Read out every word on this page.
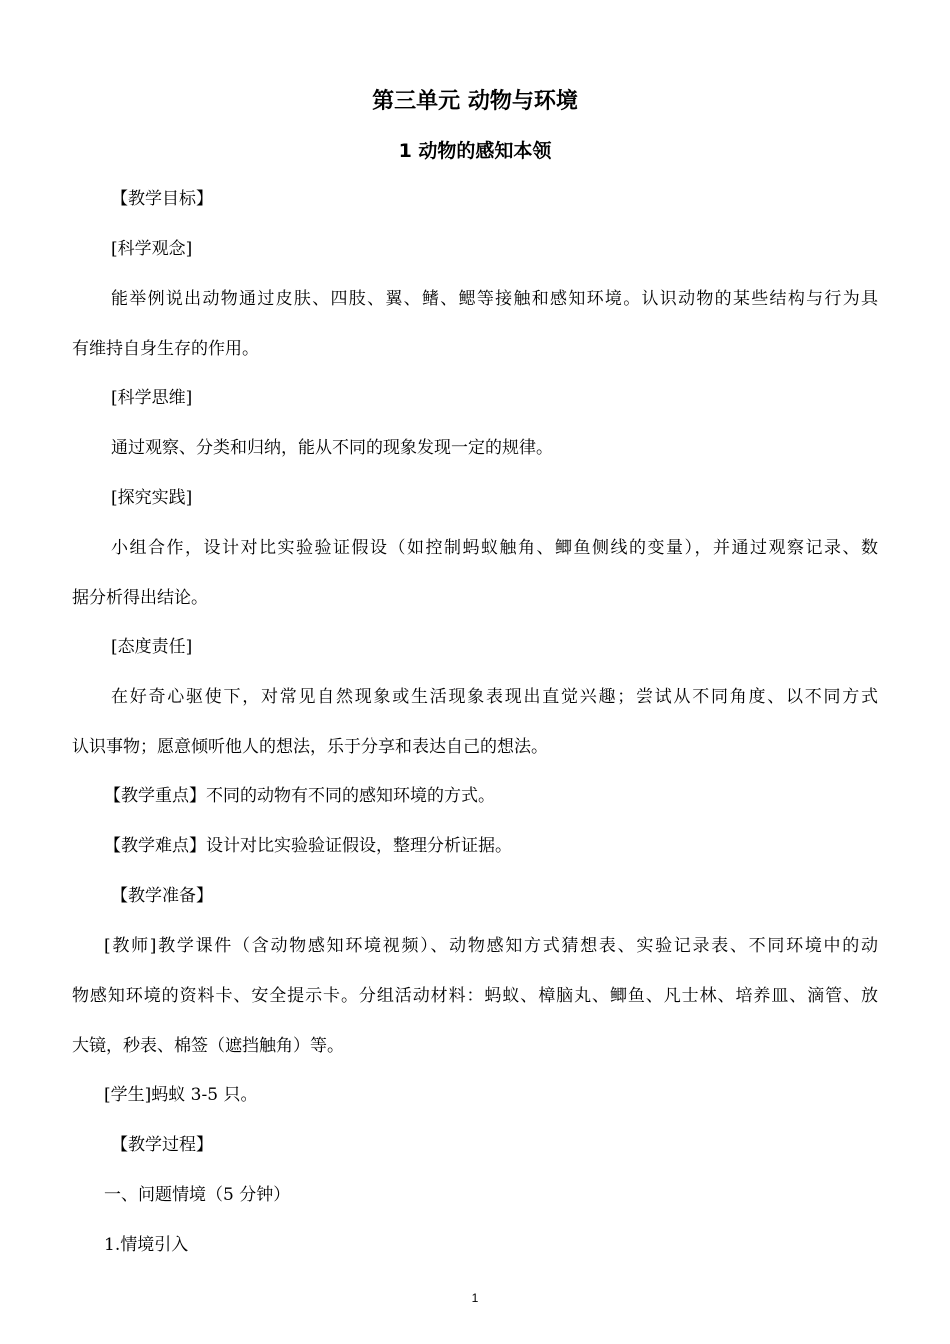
第三单元 动物与环境
1 动物的感知本领
【教学目标】
[科学观念]
能举例说出动物通过皮肤、四肢、翼、鳍、鳃等接触和感知环境。认识动物的某些结构与行为具
有维持自身生存的作用。
[科学思维]
通过观察、分类和归纳，能从不同的现象发现一定的规律。
[探究实践]
小组合作，设计对比实验验证假设（如控制蚂蚁触角、鲫鱼侧线的变量），并通过观察记录、数
据分析得出结论。
[态度责任]
在好奇心驱使下，对常见自然现象或生活现象表现出直觉兴趣；尝试从不同角度、以不同方式
认识事物；愿意倾听他人的想法，乐于分享和表达自己的想法。
【教学重点】不同的动物有不同的感知环境的方式。
【教学难点】设计对比实验验证假设，整理分析证据。
【教学准备】
[教师]教学课件（含动物感知环境视频）、动物感知方式猜想表、实验记录表、不同环境中的动
物感知环境的资料卡、安全提示卡。分组活动材料：蚂蚁、樟脑丸、鲫鱼、凡士林、培养皿、滴管、放
大镜，秒表、棉签（遮挡触角）等。
[学生]蚂蚁 3-5 只。
【教学过程】
一、问题情境（5 分钟）
1.情境引入
1
